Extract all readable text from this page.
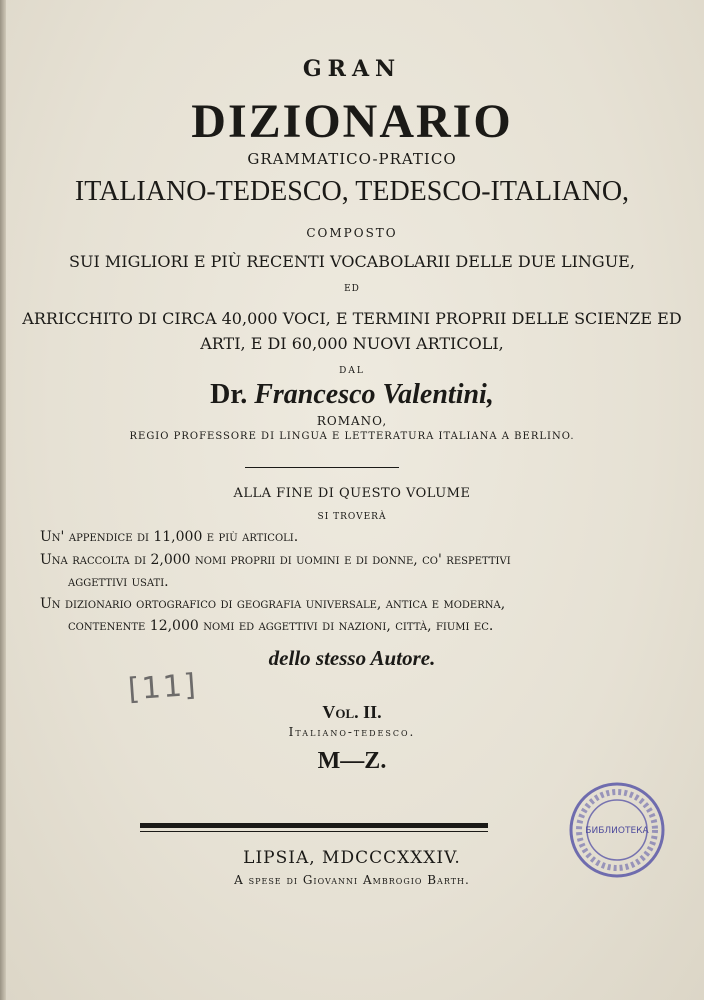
GRAN
DIZIONARIO
GRAMMATICO-PRATICO
ITALIANO-TEDESCO, TEDESCO-ITALIANO,
COMPOSTO
SUI MIGLIORI E PIÙ RECENTI VOCABOLARII DELLE DUE LINGUE,
ED
ARRICCHITO DI CIRCA 40,000 VOCI, E TERMINI PROPRII DELLE SCIENZE ED
ARTI, E DI 60,000 NUOVI ARTICOLI,
DAL
Dr. Francesco Valentini,
ROMANO,
REGIO PROFESSORE DI LINGUA E LETTERATURA ITALIANA A BERLINO.
ALLA FINE DI QUESTO VOLUME
SI TROVERÀ
Un' appendice di 11,000 e più articoli.
Una raccolta di 2,000 nomi proprii di uomini e di donne, co' respettivi
aggettivi usati.
Un dizionario ortografico di geografia universale, antica e moderna,
contenente 12,000 nomi ed aggettivi di nazioni, città, fiumi ec.
dello stesso Autore.
[11]
Vol. II.
Italiano-tedesco.
M—Z.
LIPSIA, MDCCCXXXIV.
A spese di Giovanni Ambrogio Barth.
БИБЛИОТЕКА
